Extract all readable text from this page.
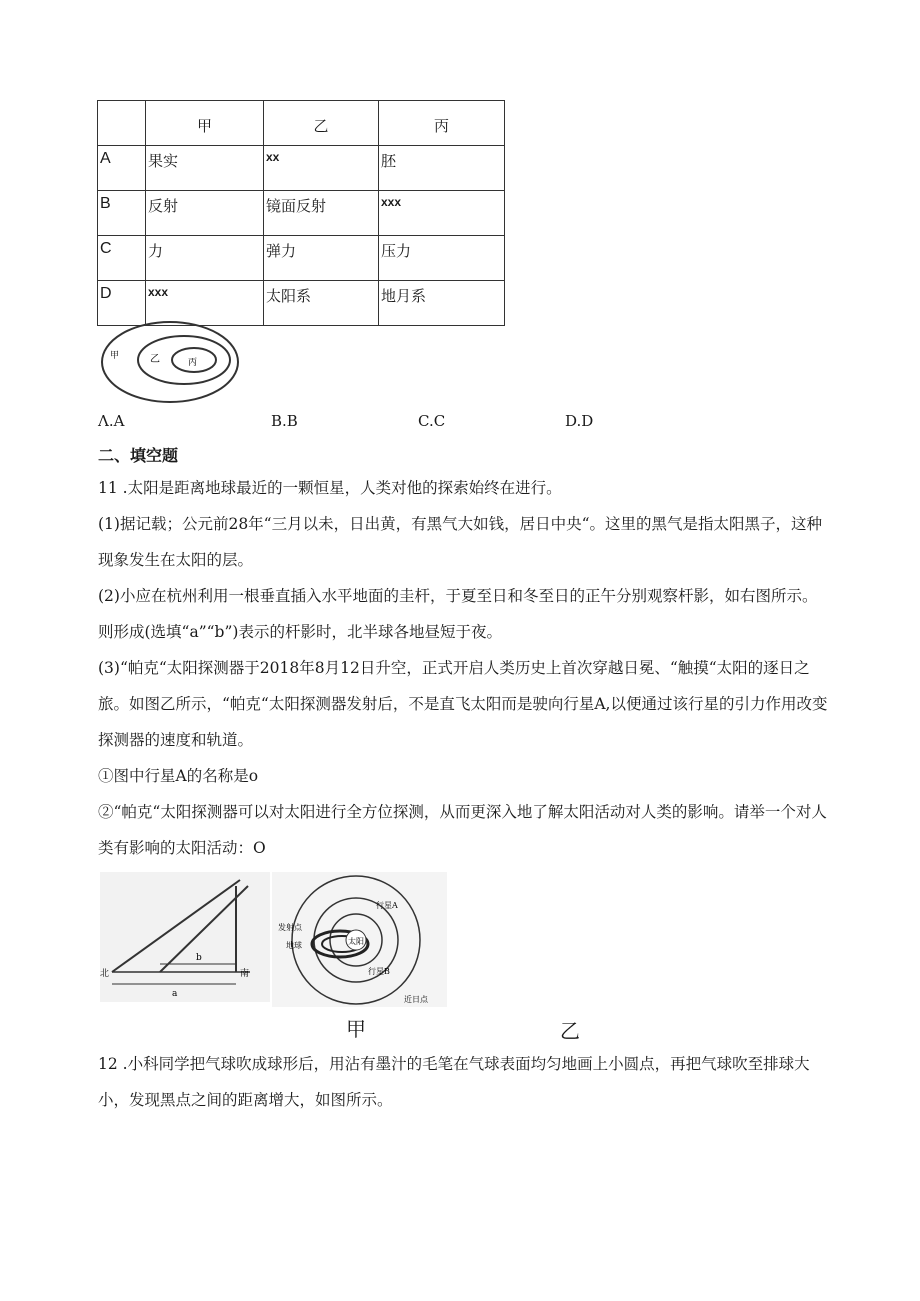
	甲	乙	丙
A	果实	xx	胚
B	反射	镜面反射	xxx
C	力	弹力	压力
D	xxx	太阳系	地月系
甲	乙	丙
Λ.A	B.B	C.C	D.D
二、填空题
11 .太阳是距离地球最近的一颗恒星，人类对他的探索始终在进行。
(1)据记载；公元前28年“三月以未，日出黄，有黑气大如钱，居日中央“。这里的黑气是指太阳黑子，这种现象发生在太阳的层。
(2)小应在杭州利用一根垂直插入水平地面的圭杆，于夏至日和冬至日的正午分别观察杆影，如右图所示。则形成(选填“a”“b”)表示的杆影时，北半球各地昼短于夜。
(3)“帕克“太阳探测器于2018年8月12日升空，正式开启人类历史上首次穿越日冕、“触摸“太阳的逐日之旅。如图乙所示，“帕克“太阳探测器发射后，不是直飞太阳而是驶向行星A,以便通过该行星的引力作用改变探测器的速度和轨道。
①图中行星A的名称是o
②“帕克“太阳探测器可以对太阳进行全方位探测，从而更深入地了解太阳活动对人类的影响。请举一个对人类有影响的太阳活动：O
北	南
b
a
太阳
发射点
地球
行星A
行星B
近日点
甲	乙
12 .小科同学把气球吹成球形后，用沾有墨汁的毛笔在气球表面均匀地画上小圆点，再把气球吹至排球大小，发现黑点之间的距离增大，如图所示。
